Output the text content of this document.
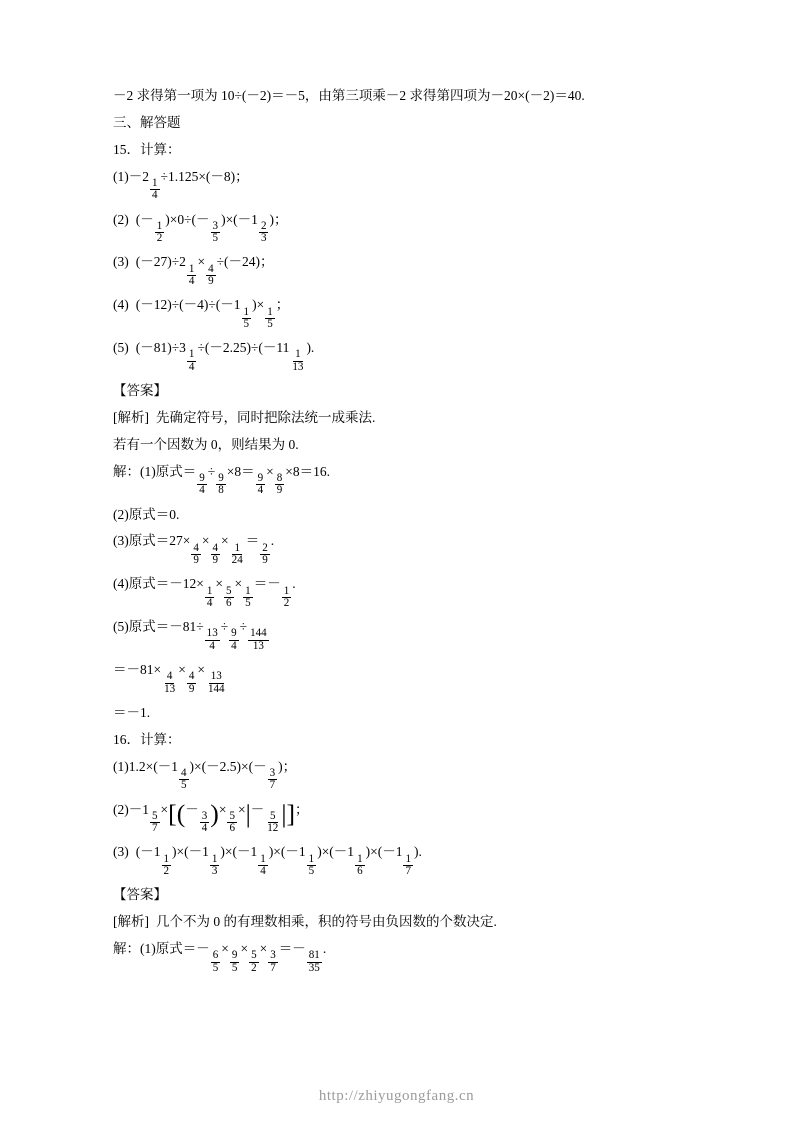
－2 求得第一项为 10÷(－2)＝－5，由第三项乘－2 求得第四项为－20×(－2)＝40.
三、解答题
15．计算：
(1)－2
$\frac{1}{4}$
÷1.125×(－8)；
(2) (－
$\frac{1}{2}$
)×0÷(－
$\frac{3}{5}$
)×(－1
$\frac{2}{3}$
)；
(3) (－27)÷2
$\frac{1}{4}$
×
$\frac{4}{9}$
÷(－24)；
(4) (－12)÷(－4)÷(－1
$\frac{1}{5}$
)×
$\frac{1}{5}$
；
(5) (－81)÷3
$\frac{1}{4}$
÷(－2.25)÷(－11
$\frac{1}{13}$
).
【答案】
[解析] 先确定符号，同时把除法统一成乘法.
若有一个因数为 0，则结果为 0.
解：(1)原式＝
$\frac{9}{4}$
÷
$\frac{9}{8}$
×8＝
$\frac{9}{4}$
×
$\frac{8}{9}$
×8＝16.
(2)原式＝0.
(3)原式＝27×
$\frac{4}{9}$
×
$\frac{4}{9}$
×
$\frac{1}{24}$
＝
$\frac{2}{9}$
.
(4)原式＝－12×
$\frac{1}{4}$
×
$\frac{5}{6}$
×
$\frac{1}{5}$
＝－
$\frac{1}{2}$
.
(5)原式＝－81÷
$\frac{13}{4}$
÷
$\frac{9}{4}$
÷
$\frac{144}{13}$
＝－81×
$\frac{4}{13}$
×
$\frac{4}{9}$
×
$\frac{13}{144}$
＝－1.
16．计算：
(1)1.2×(－1
$\frac{4}{5}$
)×(－2.5)×(－
$\frac{3}{7}$
)；
(2)－1
$\frac{5}{7}$
×[(－
$\frac{3}{4}$ )×
$\frac{5}{6}$
×|－
$\frac{5}{12}$ |]；
(3) (－1
$\frac{1}{2}$
)×(－1
$\frac{1}{3}$
)×(－1
$\frac{1}{4}$
)×(－1
$\frac{1}{5}$
)×(－1
$\frac{1}{6}$
)×(－1
$\frac{1}{7}$
).
【答案】
[解析] 几个不为 0 的有理数相乘，积的符号由负因数的个数决定.
解：(1)原式＝－
$\frac{6}{5}$
×
$\frac{9}{5}$
×
$\frac{5}{2}$
×
$\frac{3}{7}$
＝－
$\frac{81}{35}$
.
http://zhiyugongfang.cn
